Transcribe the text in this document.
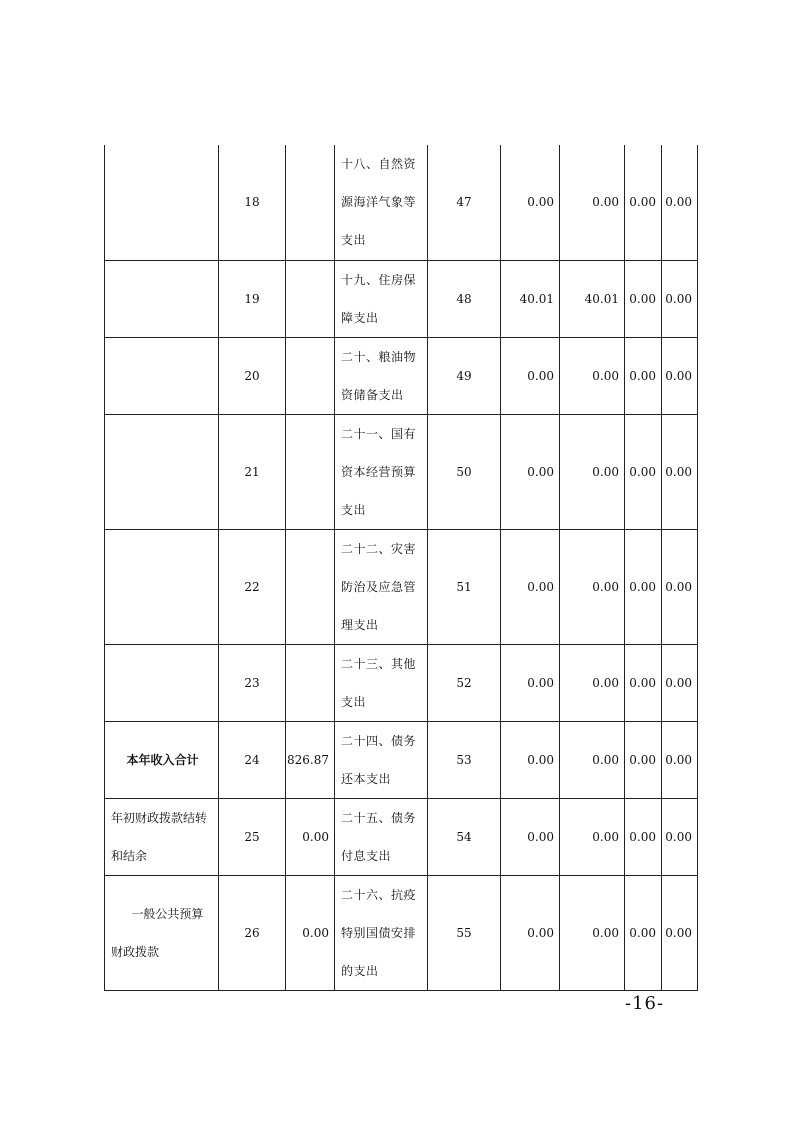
	18		十八、自然资源海洋气象等支出	47	0.00	0.00	0.00	0.00
	19		十九、住房保障支出	48	40.01	40.01	0.00	0.00
	20		二十、粮油物资储备支出	49	0.00	0.00	0.00	0.00
	21		二十一、国有资本经营预算支出	50	0.00	0.00	0.00	0.00
	22		二十二、灾害防治及应急管理支出	51	0.00	0.00	0.00	0.00
	23		二十三、其他支出	52	0.00	0.00	0.00	0.00
本年收入合计	24	826.87	二十四、债务还本支出	53	0.00	0.00	0.00	0.00
年初财政拨款结转和结余	25	0.00	二十五、债务付息支出	54	0.00	0.00	0.00	0.00
一般公共预算财政拨款	26	0.00	二十六、抗疫特别国债安排的支出	55	0.00	0.00	0.00	0.00
-16-
